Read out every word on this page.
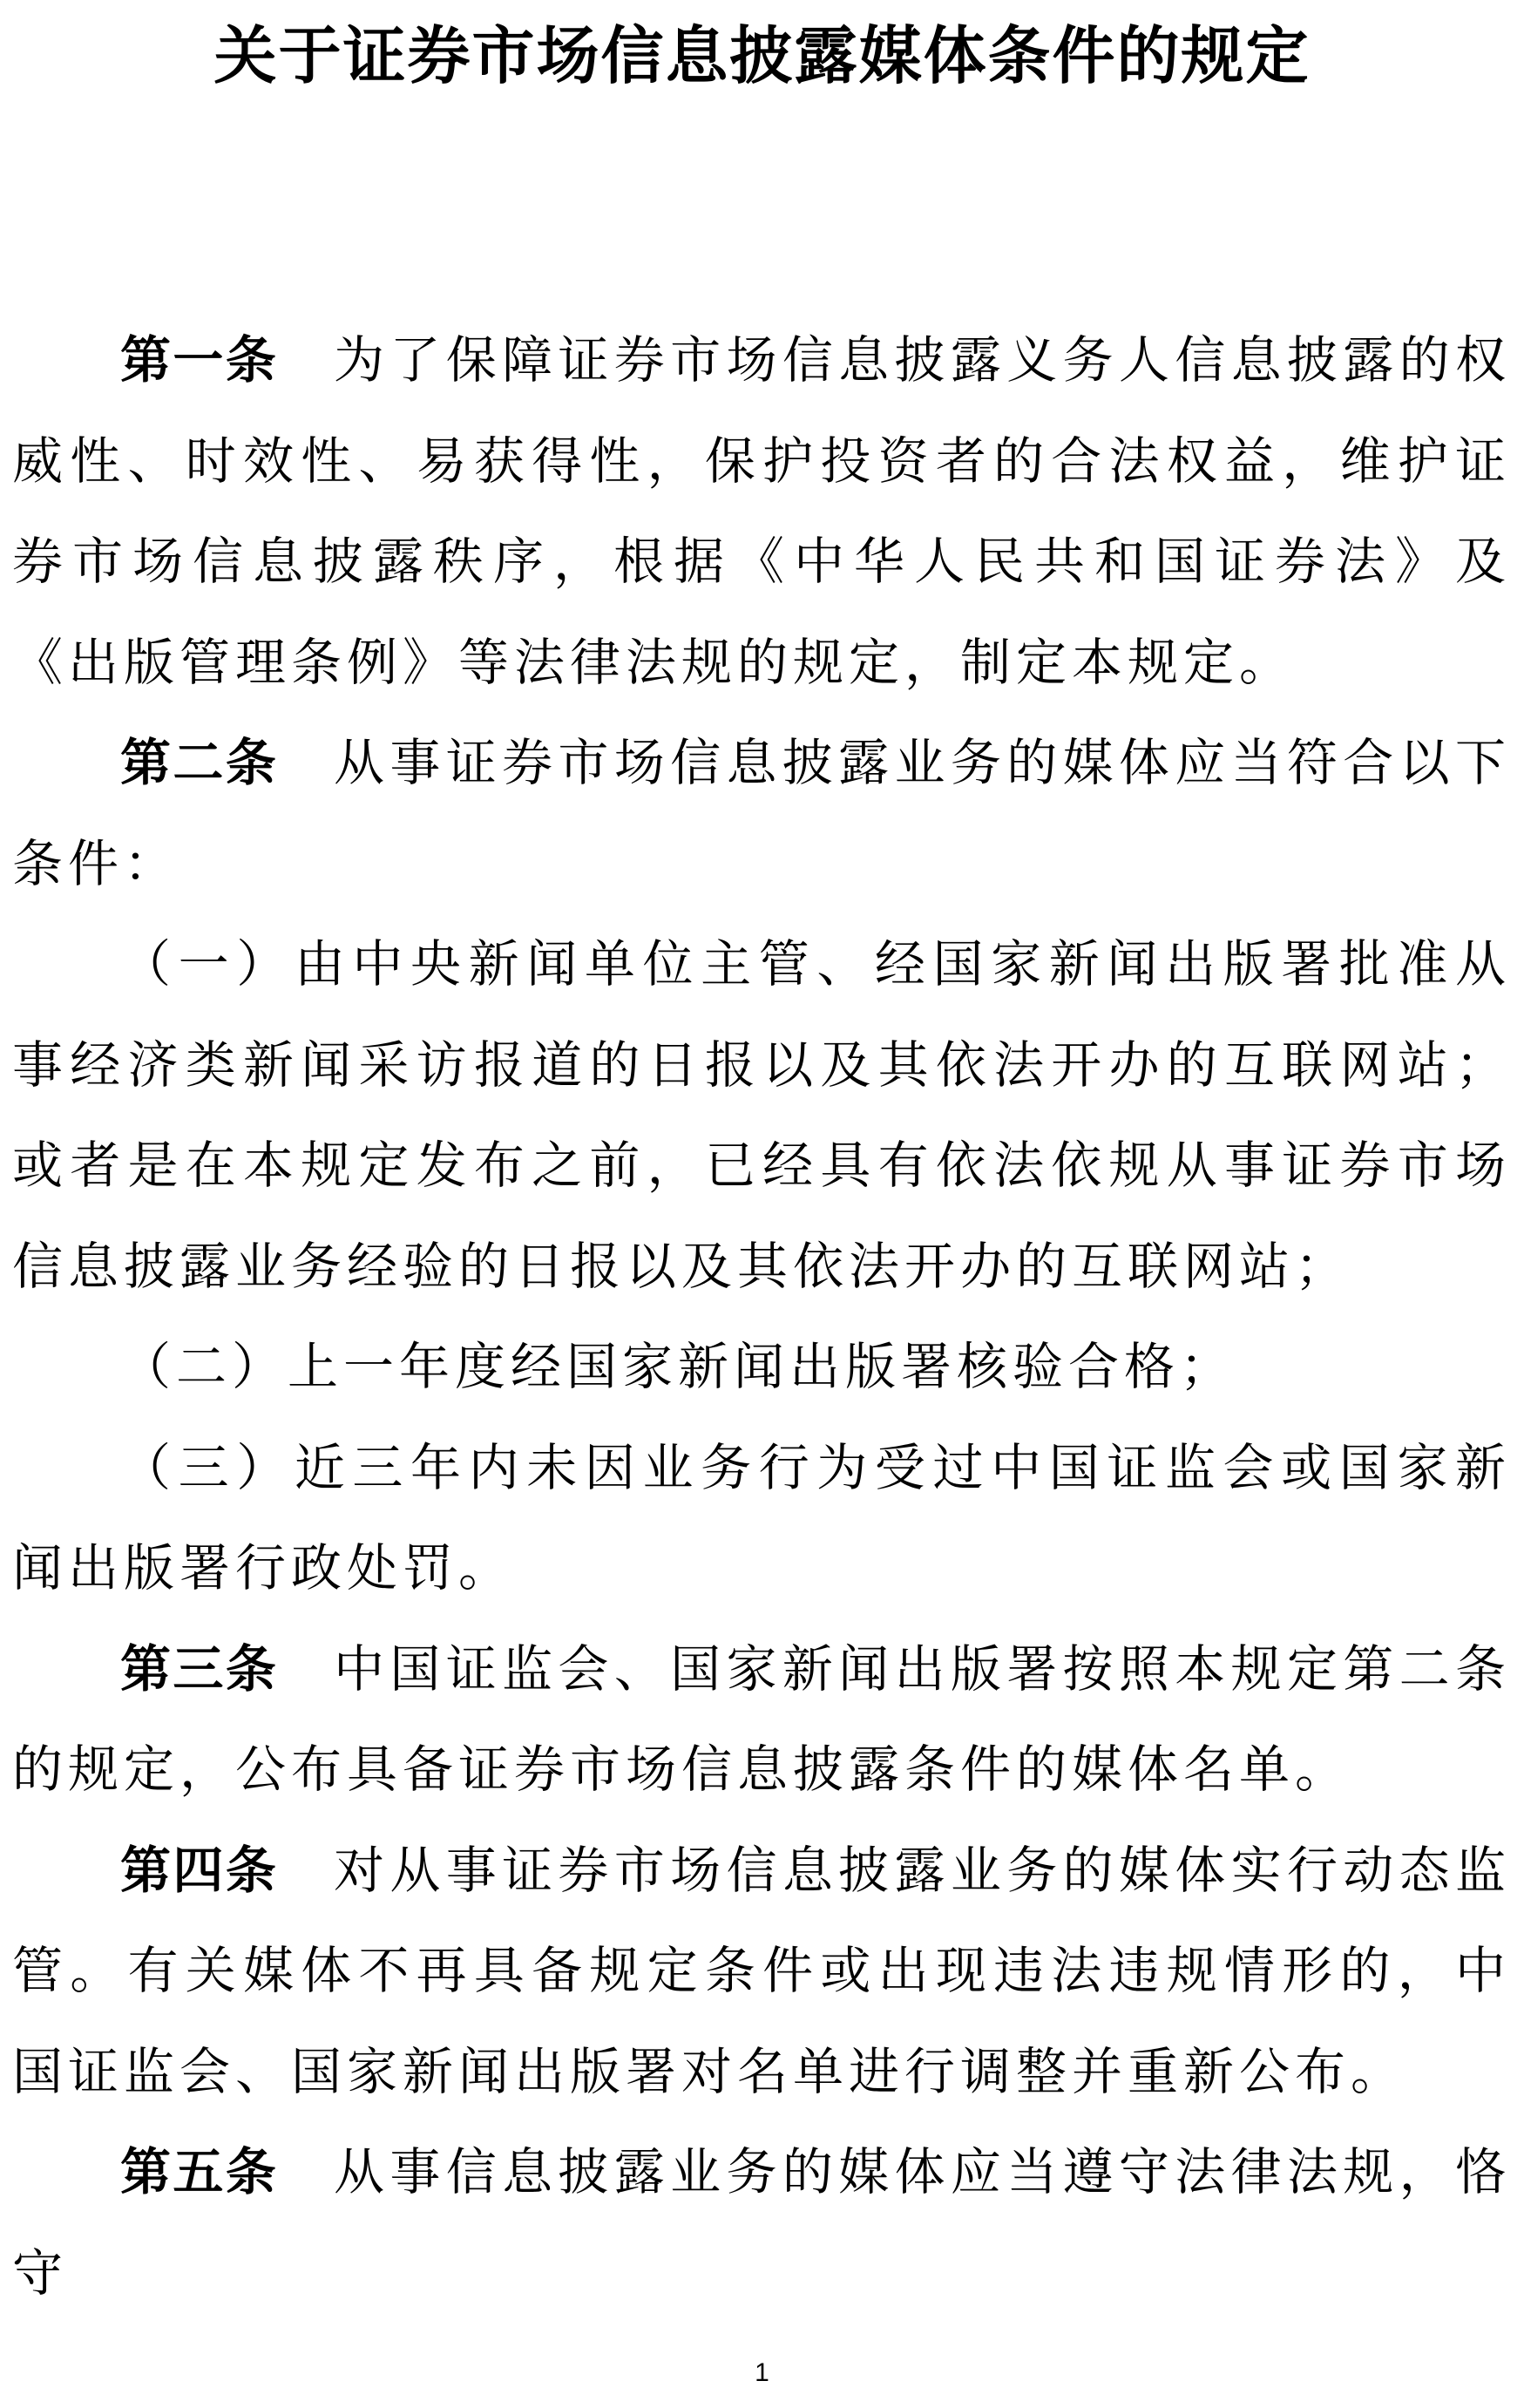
关于证券市场信息披露媒体条件的规定

第一条 为了保障证券市场信息披露义务人信息披露的权威性、时效性、易获得性，保护投资者的合法权益，维护证券市场信息披露秩序，根据《中华人民共和国证券法》及《出版管理条例》等法律法规的规定，制定本规定。

第二条 从事证券市场信息披露业务的媒体应当符合以下条件：

（一）由中央新闻单位主管、经国家新闻出版署批准从事经济类新闻采访报道的日报以及其依法开办的互联网站；或者是在本规定发布之前，已经具有依法依规从事证券市场信息披露业务经验的日报以及其依法开办的互联网站；

（二）上一年度经国家新闻出版署核验合格；

（三）近三年内未因业务行为受过中国证监会或国家新闻出版署行政处罚。

第三条 中国证监会、国家新闻出版署按照本规定第二条的规定，公布具备证券市场信息披露条件的媒体名单。

第四条 对从事证券市场信息披露业务的媒体实行动态监管。有关媒体不再具备规定条件或出现违法违规情形的，中国证监会、国家新闻出版署对名单进行调整并重新公布。

第五条 从事信息披露业务的媒体应当遵守法律法规，恪守

1
